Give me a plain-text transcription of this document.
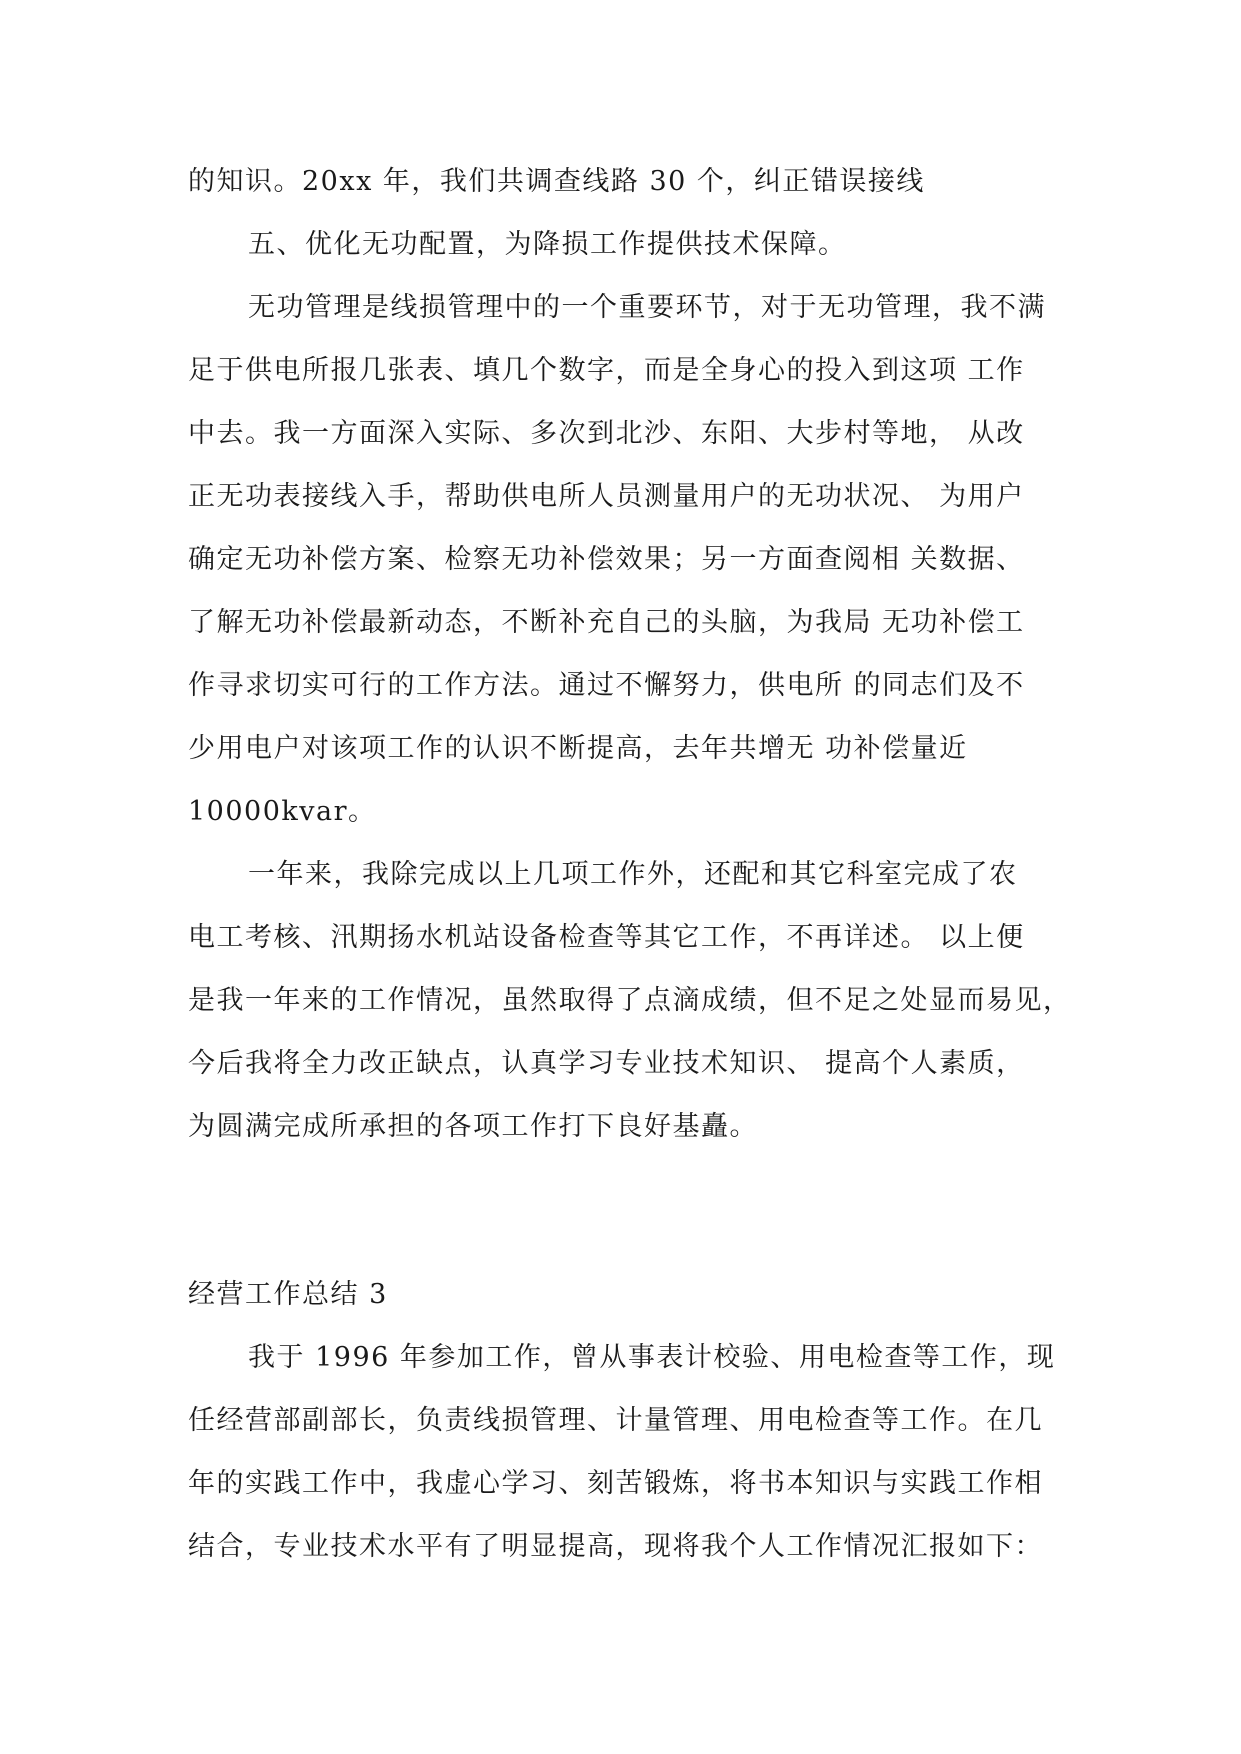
的知识。20xx 年，我们共调查线路 30 个，纠正错误接线
五、优化无功配置，为降损工作提供技术保障。
无功管理是线损管理中的一个重要环节，对于无功管理，我不满
足于供电所报几张表、填几个数字，而是全身心的投入到这项 工作
中去。我一方面深入实际、多次到北沙、东阳、大步村等地， 从改
正无功表接线入手，帮助供电所人员测量用户的无功状况、 为用户
确定无功补偿方案、检察无功补偿效果；另一方面查阅相 关数据、
了解无功补偿最新动态，不断补充自己的头脑，为我局 无功补偿工
作寻求切实可行的工作方法。通过不懈努力，供电所 的同志们及不
少用电户对该项工作的认识不断提高，去年共增无 功补偿量近
10000kvar。
一年来，我除完成以上几项工作外，还配和其它科室完成了农
电工考核、汛期扬水机站设备检查等其它工作，不再详述。 以上便
是我一年来的工作情况，虽然取得了点滴成绩，但不足之处显而易见，
今后我将全力改正缺点，认真学习专业技术知识、 提高个人素质，
为圆满完成所承担的各项工作打下良好基矗。
经营工作总结 3
我于 1996 年参加工作，曾从事表计校验、用电检查等工作，现
任经营部副部长，负责线损管理、计量管理、用电检查等工作。在几
年的实践工作中，我虚心学习、刻苦锻炼，将书本知识与实践工作相
结合，专业技术水平有了明显提高，现将我个人工作情况汇报如下：
